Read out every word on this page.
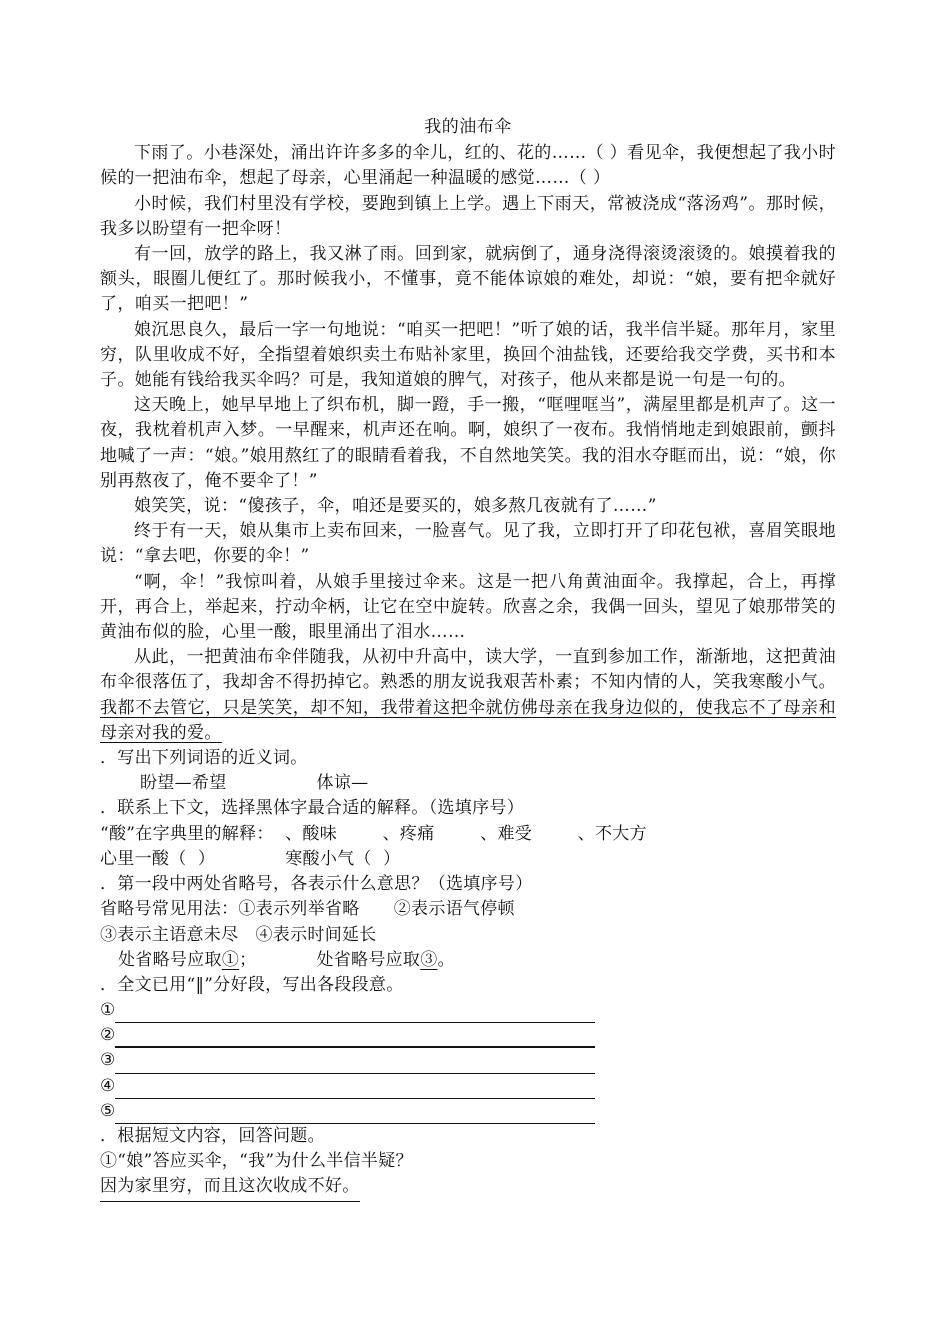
我的油布伞

下雨了。小巷深处，涌出许许多多的伞儿，红的、花的……（ ）看见伞，我便想起了我小时候的一把油布伞，想起了母亲，心里涌起一种温暖的感觉……（ ）

小时候，我们村里没有学校，要跑到镇上上学。遇上下雨天，常被浇成“落汤鸡”。那时候，我多以盼望有一把伞呀！

有一回，放学的路上，我又淋了雨。回到家，就病倒了，通身浇得滚烫滚烫的。娘摸着我的额头，眼圈儿便红了。那时候我小，不懂事，竟不能体谅娘的难处，却说：“娘，要有把伞就好了，咱买一把吧！”

娘沉思良久，最后一字一句地说：“咱买一把吧！”听了娘的话，我半信半疑。那年月，家里穷，队里收成不好，全指望着娘织卖土布贴补家里，换回个油盐钱，还要给我交学费，买书和本子。她能有钱给我买伞吗？可是，我知道娘的脾气，对孩子，他从来都是说一句是一句的。

这天晚上，她早早地上了织布机，脚一蹬，手一搬，“哐哩哐当”，满屋里都是机声了。这一夜，我枕着机声入梦。一早醒来，机声还在响。啊，娘织了一夜布。我悄悄地走到娘跟前，颤抖地喊了一声：“娘。”娘用熬红了的眼睛看着我，不自然地笑笑。我的泪水夺眶而出，说：“娘，你别再熬夜了，俺不要伞了！”

娘笑笑，说：“傻孩子，伞，咱还是要买的，娘多熬几夜就有了……”

终于有一天，娘从集市上卖布回来，一脸喜气。见了我，立即打开了印花包袱，喜眉笑眼地说：“拿去吧，你要的伞！”

“啊，伞！”我惊叫着，从娘手里接过伞来。这是一把八角黄油面伞。我撑起，合上，再撑开，再合上，举起来，拧动伞柄，让它在空中旋转。欣喜之余，我偶一回头，望见了娘那带笑的黄油布似的脸，心里一酸，眼里涌出了泪水……

从此，一把黄油布伞伴随我，从初中升高中，读大学，一直到参加工作，渐渐地，这把黄油布伞很落伍了，我却舍不得扔掉它。熟悉的朋友说我艰苦朴素；不知内情的人，笑我寒酸小气。我都不去管它，只是笑笑，却不知，我带着这把伞就仿佛母亲在我身边似的，使我忘不了母亲和母亲对我的爱。

．写出下列词语的近义词。

盼望—希望	体谅—

．联系上下文，选择黑体字最合适的解释。（选填序号）

“酸”在字典里的解释：  、酸味        、疼痛        、难受        、不大方

心里一酸（  ）	寒酸小气（  ）

．第一段中两处省略号，各表示什么意思？（选填序号）

省略号常见用法：①表示列举省略      ②表示语气停顿

③表示主语意未尽   ④表示时间延长

处省略号应取①；	处省略号应取③。

．全文已用“‖”分好段，写出各段段意。

①
②
③
④
⑤

．根据短文内容，回答问题。

①“娘”答应买伞，“我”为什么半信半疑？

因为家里穷，而且这次收成不好。
